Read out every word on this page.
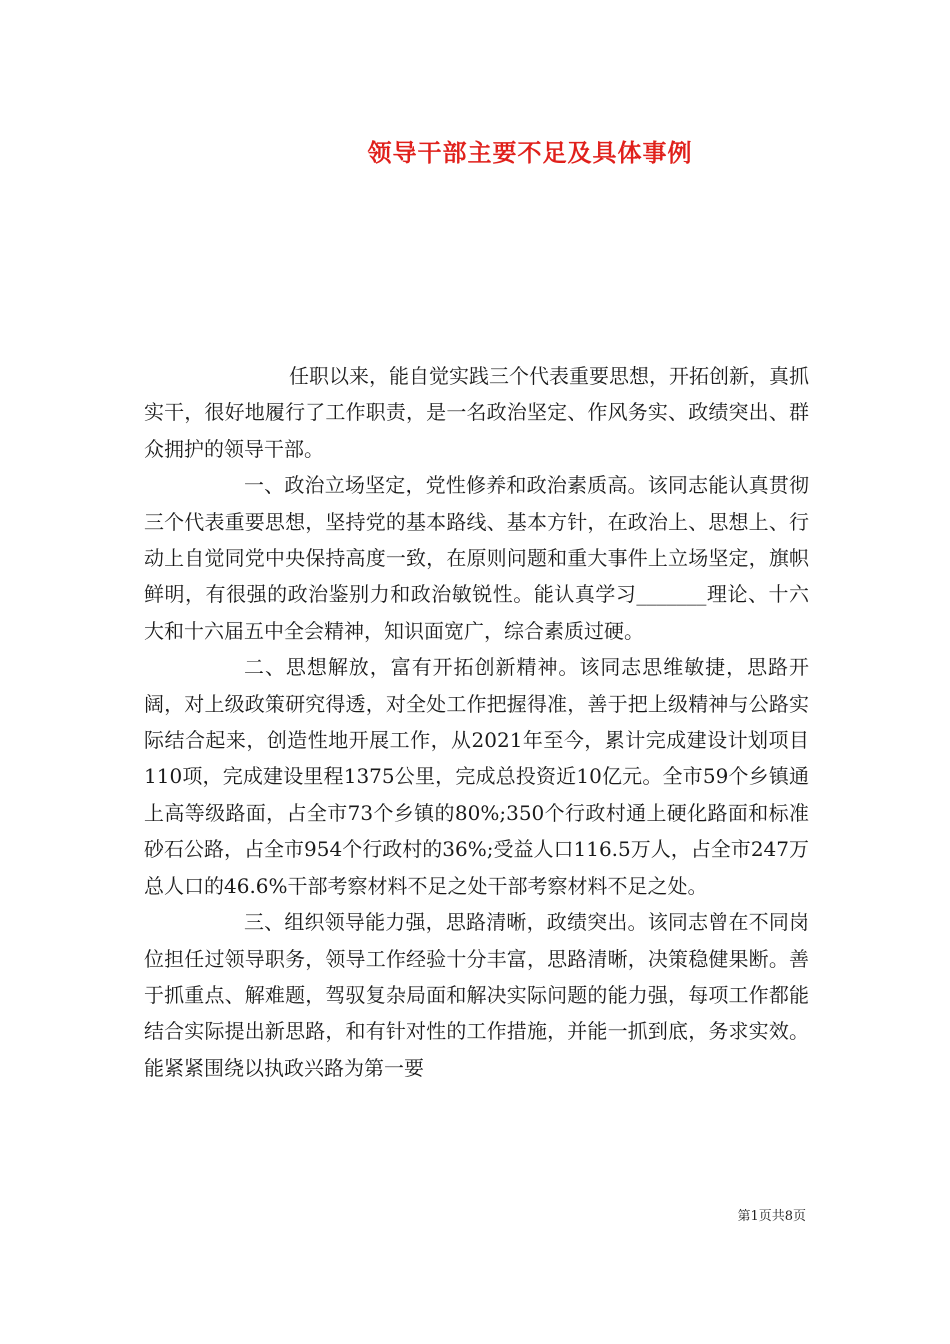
领导干部主要不足及具体事例

任职以来，能自觉实践三个代表重要思想，开拓创新，真抓实干，很好地履行了工作职责，是一名政治坚定、作风务实、政绩突出、群众拥护的领导干部。

一、政治立场坚定，党性修养和政治素质高。该同志能认真贯彻三个代表重要思想，坚持党的基本路线、基本方针，在政治上、思想上、行动上自觉同党中央保持高度一致，在原则问题和重大事件上立场坚定，旗帜鲜明，有很强的政治鉴别力和政治敏锐性。能认真学习_______理论、十六大和十六届五中全会精神，知识面宽广，综合素质过硬。

二、思想解放，富有开拓创新精神。该同志思维敏捷，思路开阔，对上级政策研究得透，对全处工作把握得准，善于把上级精神与公路实际结合起来，创造性地开展工作，从2021年至今，累计完成建设计划项目110项，完成建设里程1375公里，完成总投资近10亿元。全市59个乡镇通上高等级路面，占全市73个乡镇的80%;350个行政村通上硬化路面和标准砂石公路，占全市954个行政村的36%;受益人口116.5万人，占全市247万总人口的46.6%干部考察材料不足之处干部考察材料不足之处。

三、组织领导能力强，思路清晰，政绩突出。该同志曾在不同岗位担任过领导职务，领导工作经验十分丰富，思路清晰，决策稳健果断。善于抓重点、解难题，驾驭复杂局面和解决实际问题的能力强，每项工作都能结合实际提出新思路，和有针对性的工作措施，并能一抓到底，务求实效。能紧紧围绕以执政兴路为第一要

第1页共8页
